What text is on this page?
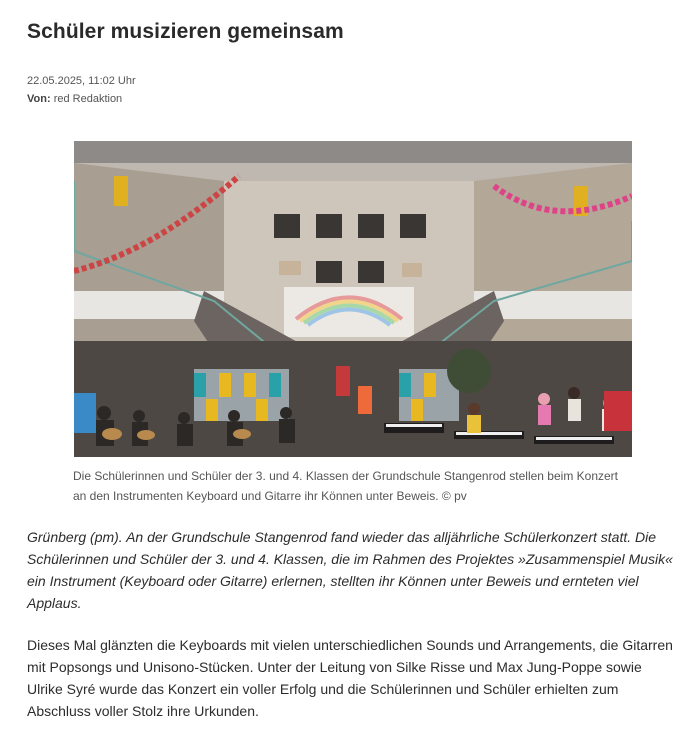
Schüler musizieren gemeinsam
22.05.2025, 11:02 Uhr
Von: red Redaktion
Die Schülerinnen und Schüler der 3. und 4. Klassen der Grundschule Stangenrod stellen beim Konzert an den Instrumenten Keyboard und Gitarre ihr Können unter Beweis. © pv

Grünberg (pm). An der Grundschule Stangenrod fand wieder das alljährliche Schülerkonzert statt. Die Schülerinnen und Schüler der 3. und 4. Klassen, die im Rahmen des Projektes »Zusammenspiel Musik« ein Instrument (Keyboard oder Gitarre) erlernen, stellten ihr Können unter Beweis und ernteten viel Applaus.

Dieses Mal glänzten die Keyboards mit vielen unterschiedlichen Sounds und Arrangements, die Gitarren mit Popsongs und Unisono-Stücken. Unter der Leitung von Silke Risse und Max Jung-Poppe sowie Ulrike Syré wurde das Konzert ein voller Erfolg und die Schülerinnen und Schüler erhielten zum Abschluss voller Stolz ihre Urkunden.
